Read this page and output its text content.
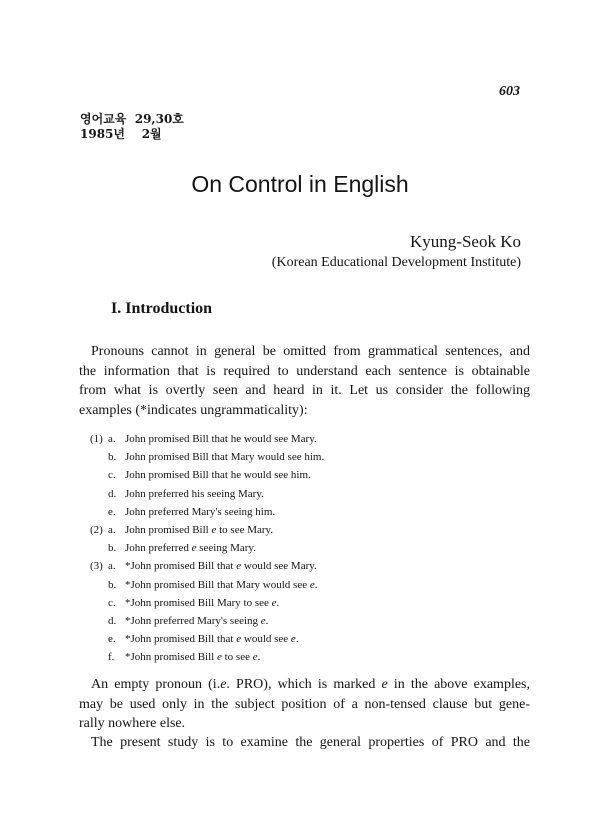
603
영어교육  29,30호
1985년    2월
On Control in English
Kyung-Seok Ko
(Korean Educational Development Institute)
I. Introduction
Pronouns cannot in general be omitted from grammatical sentences, and
the information that is required to understand each sentence is obtainable
from what is overtly seen and heard in it. Let us consider the following
examples (*indicates ungrammaticality):
(1) a. John promised Bill that he would see Mary.
b. John promised Bill that Mary would see him.
c. John promised Bill that he would see him.
d. John preferred his seeing Mary.
e. John preferred Mary's seeing him.
(2) a. John promised Bill e to see Mary.
b. John preferred e seeing Mary.
(3) a. *John promised Bill that e would see Mary.
b. *John promised Bill that Mary would see e.
c. *John promised Bill Mary to see e.
d. *John preferred Mary's seeing e.
e. *John promised Bill that e would see e.
f. *John promised Bill e to see e.
An empty pronoun (i.e. PRO), which is marked e in the above examples,
may be used only in the subject position of a non-tensed clause but gene-
rally nowhere else.
The present study is to examine the general properties of PRO and the
